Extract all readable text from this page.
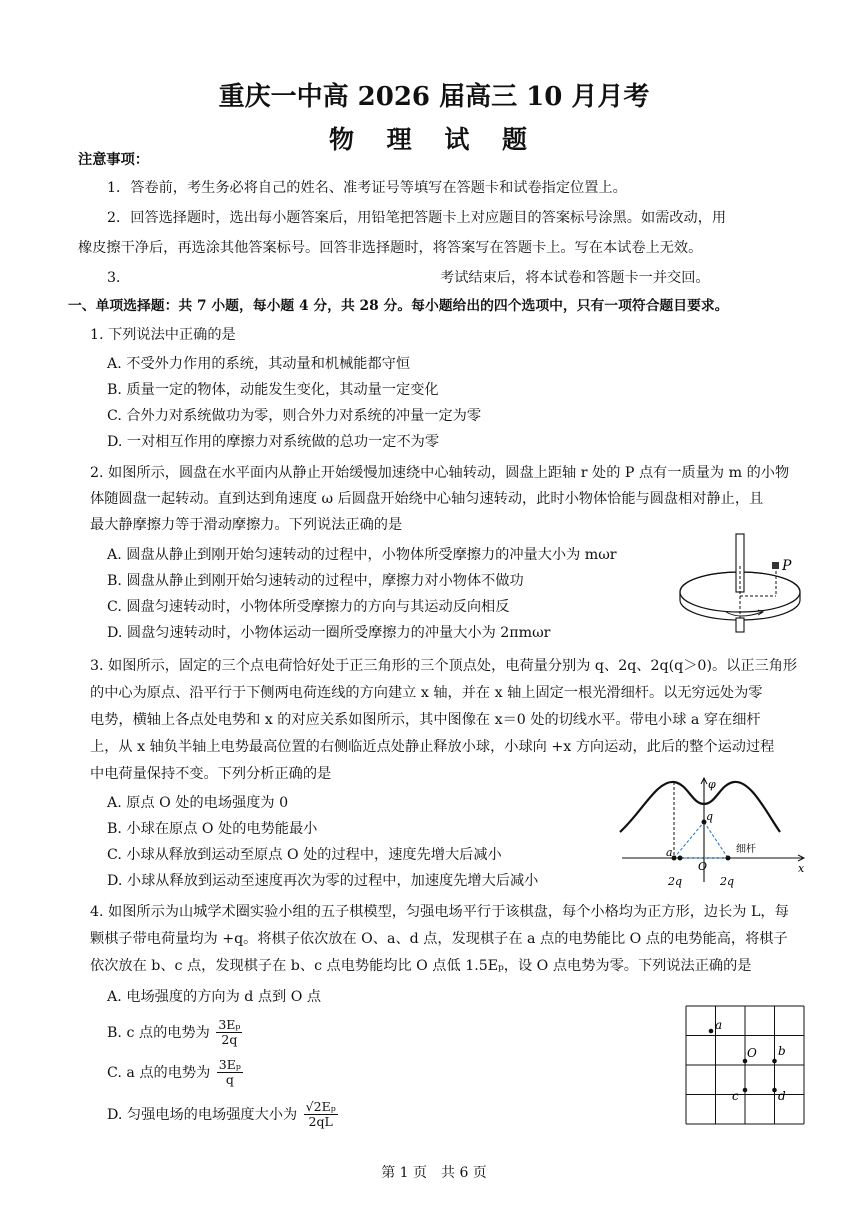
重庆一中高 2026 届高三 10 月月考
物 理 试 题
注意事项：
1．答卷前，考生务必将自己的姓名、准考证号等填写在答题卡和试卷指定位置上。
2．回答选择题时，选出每小题答案后，用铅笔把答题卡上对应题目的答案标号涂黑。如需改动，用
橡皮擦干净后，再选涂其他答案标号。回答非选择题时，将答案写在答题卡上。写在本试卷上无效。
3．	考试结束后，将本试卷和答题卡一并交回。
一、单项选择题：共 7 小题，每小题 4 分，共 28 分。每小题给出的四个选项中，只有一项符合题目要求。
1. 下列说法中正确的是
A. 不受外力作用的系统，其动量和机械能都守恒
B. 质量一定的物体，动能发生变化，其动量一定变化
C. 合外力对系统做功为零，则合外力对系统的冲量一定为零
D. 一对相互作用的摩擦力对系统做的总功一定不为零
2. 如图所示，圆盘在水平面内从静止开始缓慢加速绕中心轴转动，圆盘上距轴 r 处的 P 点有一质量为 m 的小物
体随圆盘一起转动。直到达到角速度 ω 后圆盘开始绕中心轴匀速转动，此时小物体恰能与圆盘相对静止，且
最大静摩擦力等于滑动摩擦力。下列说法正确的是
A. 圆盘从静止到刚开始匀速转动的过程中，小物体所受摩擦力的冲量大小为 mωr
B. 圆盘从静止到刚开始匀速转动的过程中，摩擦力对小物体不做功
C. 圆盘匀速转动时，小物体所受摩擦力的方向与其运动反向相反
D. 圆盘匀速转动时，小物体运动一圈所受摩擦力的冲量大小为 2πmωr
P
3. 如图所示，固定的三个点电荷恰好处于正三角形的三个顶点处，电荷量分别为 q、2q、2q(q＞0)。以正三角形
的中心为原点、沿平行于下侧两电荷连线的方向建立 x 轴，并在 x 轴上固定一根光滑细杆。以无穷远处为零
电势，横轴上各点处电势和 x 的对应关系如图所示，其中图像在 x＝0 处的切线水平。带电小球 a 穿在细杆
上，从 x 轴负半轴上电势最高位置的右侧临近点处静止释放小球，小球向 +x 方向运动，此后的整个运动过程
中电荷量保持不变。下列分析正确的是
A. 原点 O 处的电场强度为 0
B. 小球在原点 O 处的电势能最小
C. 小球从释放到运动至原点 O 处的过程中，速度先增大后减小
D. 小球从释放到运动至速度再次为零的过程中，加速度先增大后减小
φ
x
q
a
O
细杆
2q	2q
4. 如图所示为山城学术圈实验小组的五子棋模型，匀强电场平行于该棋盘，每个小格均为正方形，边长为 L，每
颗棋子带电荷量均为 +q。将棋子依次放在 O、a、d 点，发现棋子在 a 点的电势能比 O 点的电势能高，将棋子
依次放在 b、c 点，发现棋子在 b、c 点电势能均比 O 点低 1.5Eₚ，设 O 点电势为零。下列说法正确的是
A. 电场强度的方向为 d 点到 O 点
B. c 点的电势为 $\frac{\text{3Eₚ}}{2q}$
C. a 点的电势为 $\frac{\text{3Eₚ}}{q}$
D. 匀强电场的电场强度大小为 $\frac{\text{√2Eₚ}}{2qL}$
a
O b
c	d
第 1 页　共 6 页
